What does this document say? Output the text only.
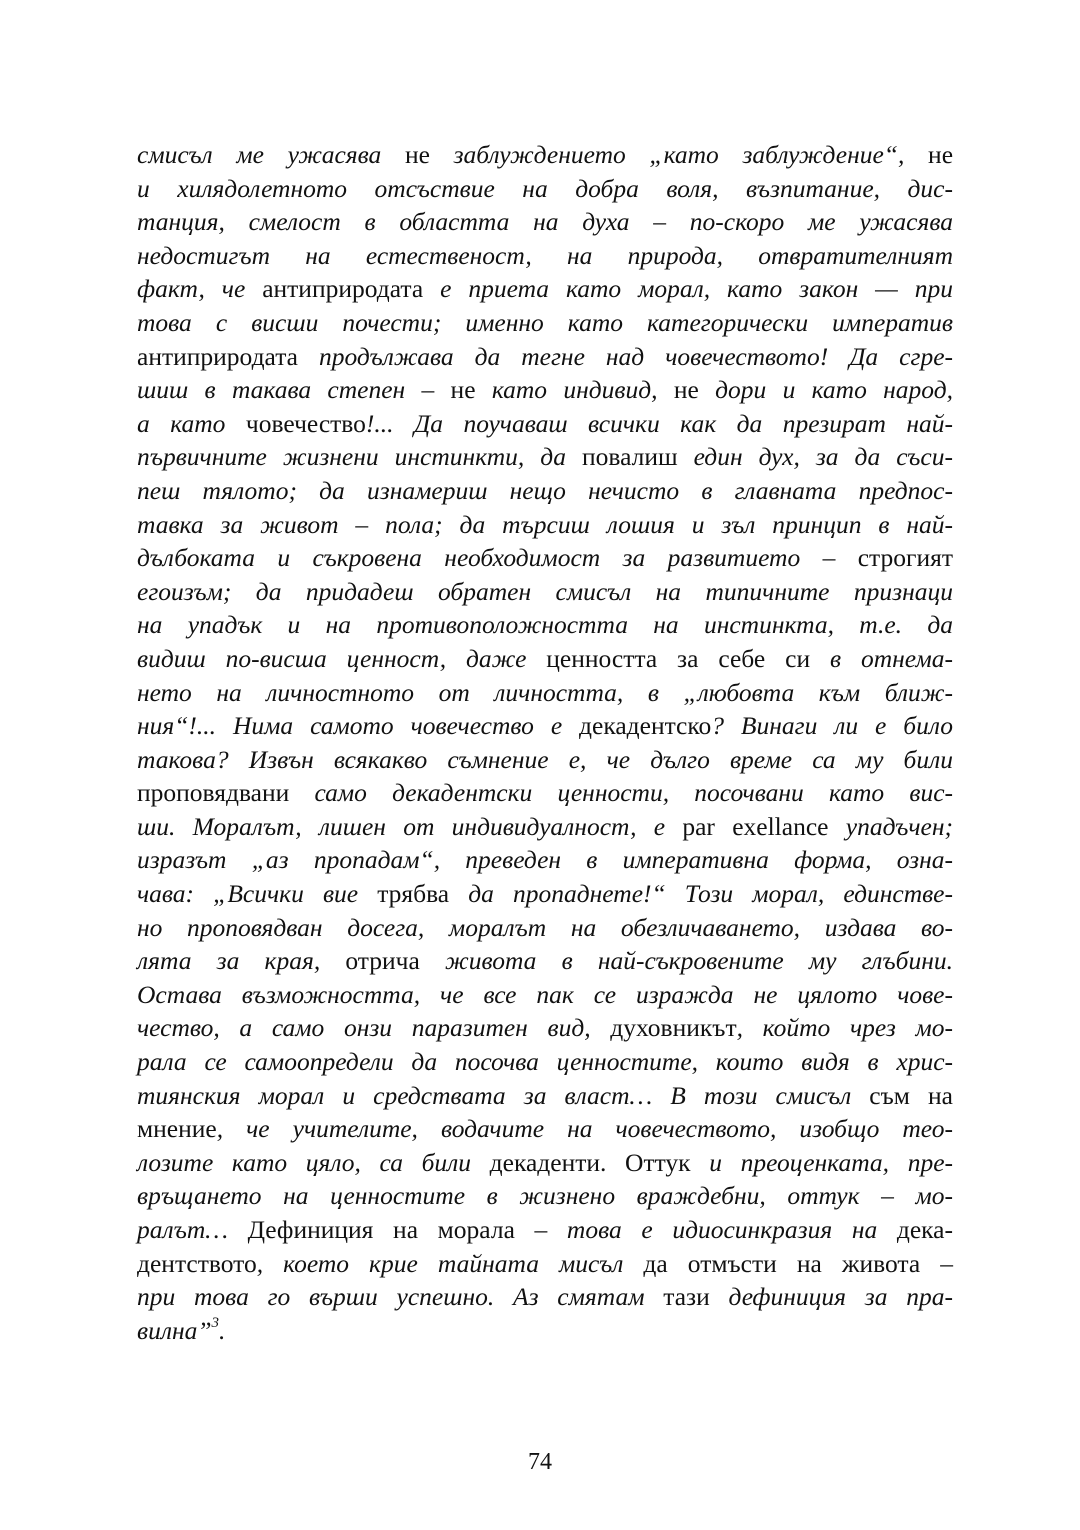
смисъл ме ужасява не заблуждението „като заблуждение“, не
и хилядолетното отсъствие на добра воля, възпитание, дис-
танция, смелост в областта на духа – по-скоро ме ужасява
недостигът на естественост, на природа, отвратителният
факт, че антиприродата е приета като морал, като закон — при
това с висши почести; именно като категорически императив
антиприродата продължава да тегне над човечеството! Да сгре-
шиш в такава степен – не като индивид, не дори и като народ,
а като човечество!... Да поучаваш всички как да презират най-
първичните жизнени инстинкти, да повалиш един дух, за да съси-
пеш тялото; да изнамериш нещо нечисто в главната предпос-
тавка за живот – пола; да търсиш лошия и зъл принцип в най-
дълбоката и съкровена необходимост за развитието – строгият
егоизъм; да придадеш обратен смисъл на типичните признаци
на упадък и на противоположността на инстинкта, т.е. да
видиш по-висша ценност, даже ценността за себе си в отнема-
нето на личностното от личността, в „любовта към ближ-
ния“!... Нима самото човечество е декадентско? Винаги ли е било
такова? Извън всякакво съмнение е, че дълго време са му били
проповядвани само декадентски ценности, посочвани като вис-
ши. Моралът, лишен от индивидуалност, е par exellance упадъчен;
изразът „аз пропадам“, преведен в императивна форма, озна-
чава: „Всички вие трябва да пропаднете!“ Този морал, единстве-
но проповядван досега, моралът на обезличаването, издава во-
лята за края, отрича живота в най-съкровените му глъбини.
Остава възможността, че все пак се изражда не цялото чове-
чество, а само онзи паразитен вид, духовникът, който чрез мо-
рала се самоопредели да посочва ценностите, които видя в хрис-
тиянския морал и средствата за власт… В този смисъл съм на
мнение, че учителите, водачите на човечеството, изобщо тео-
лозите като цяло, са били декаденти. Оттук и преоценката, пре-
връщането на ценностите в жизнено враждебни, оттук – мо-
ралът… Дефиниция на морала – това е идиосинкразия на дека-
дентството, което крие тайната мисъл да отмъсти на живота –
при това го върши успешно. Аз смятам тази дефиниция за пра-
вилна”$^3$.
74
